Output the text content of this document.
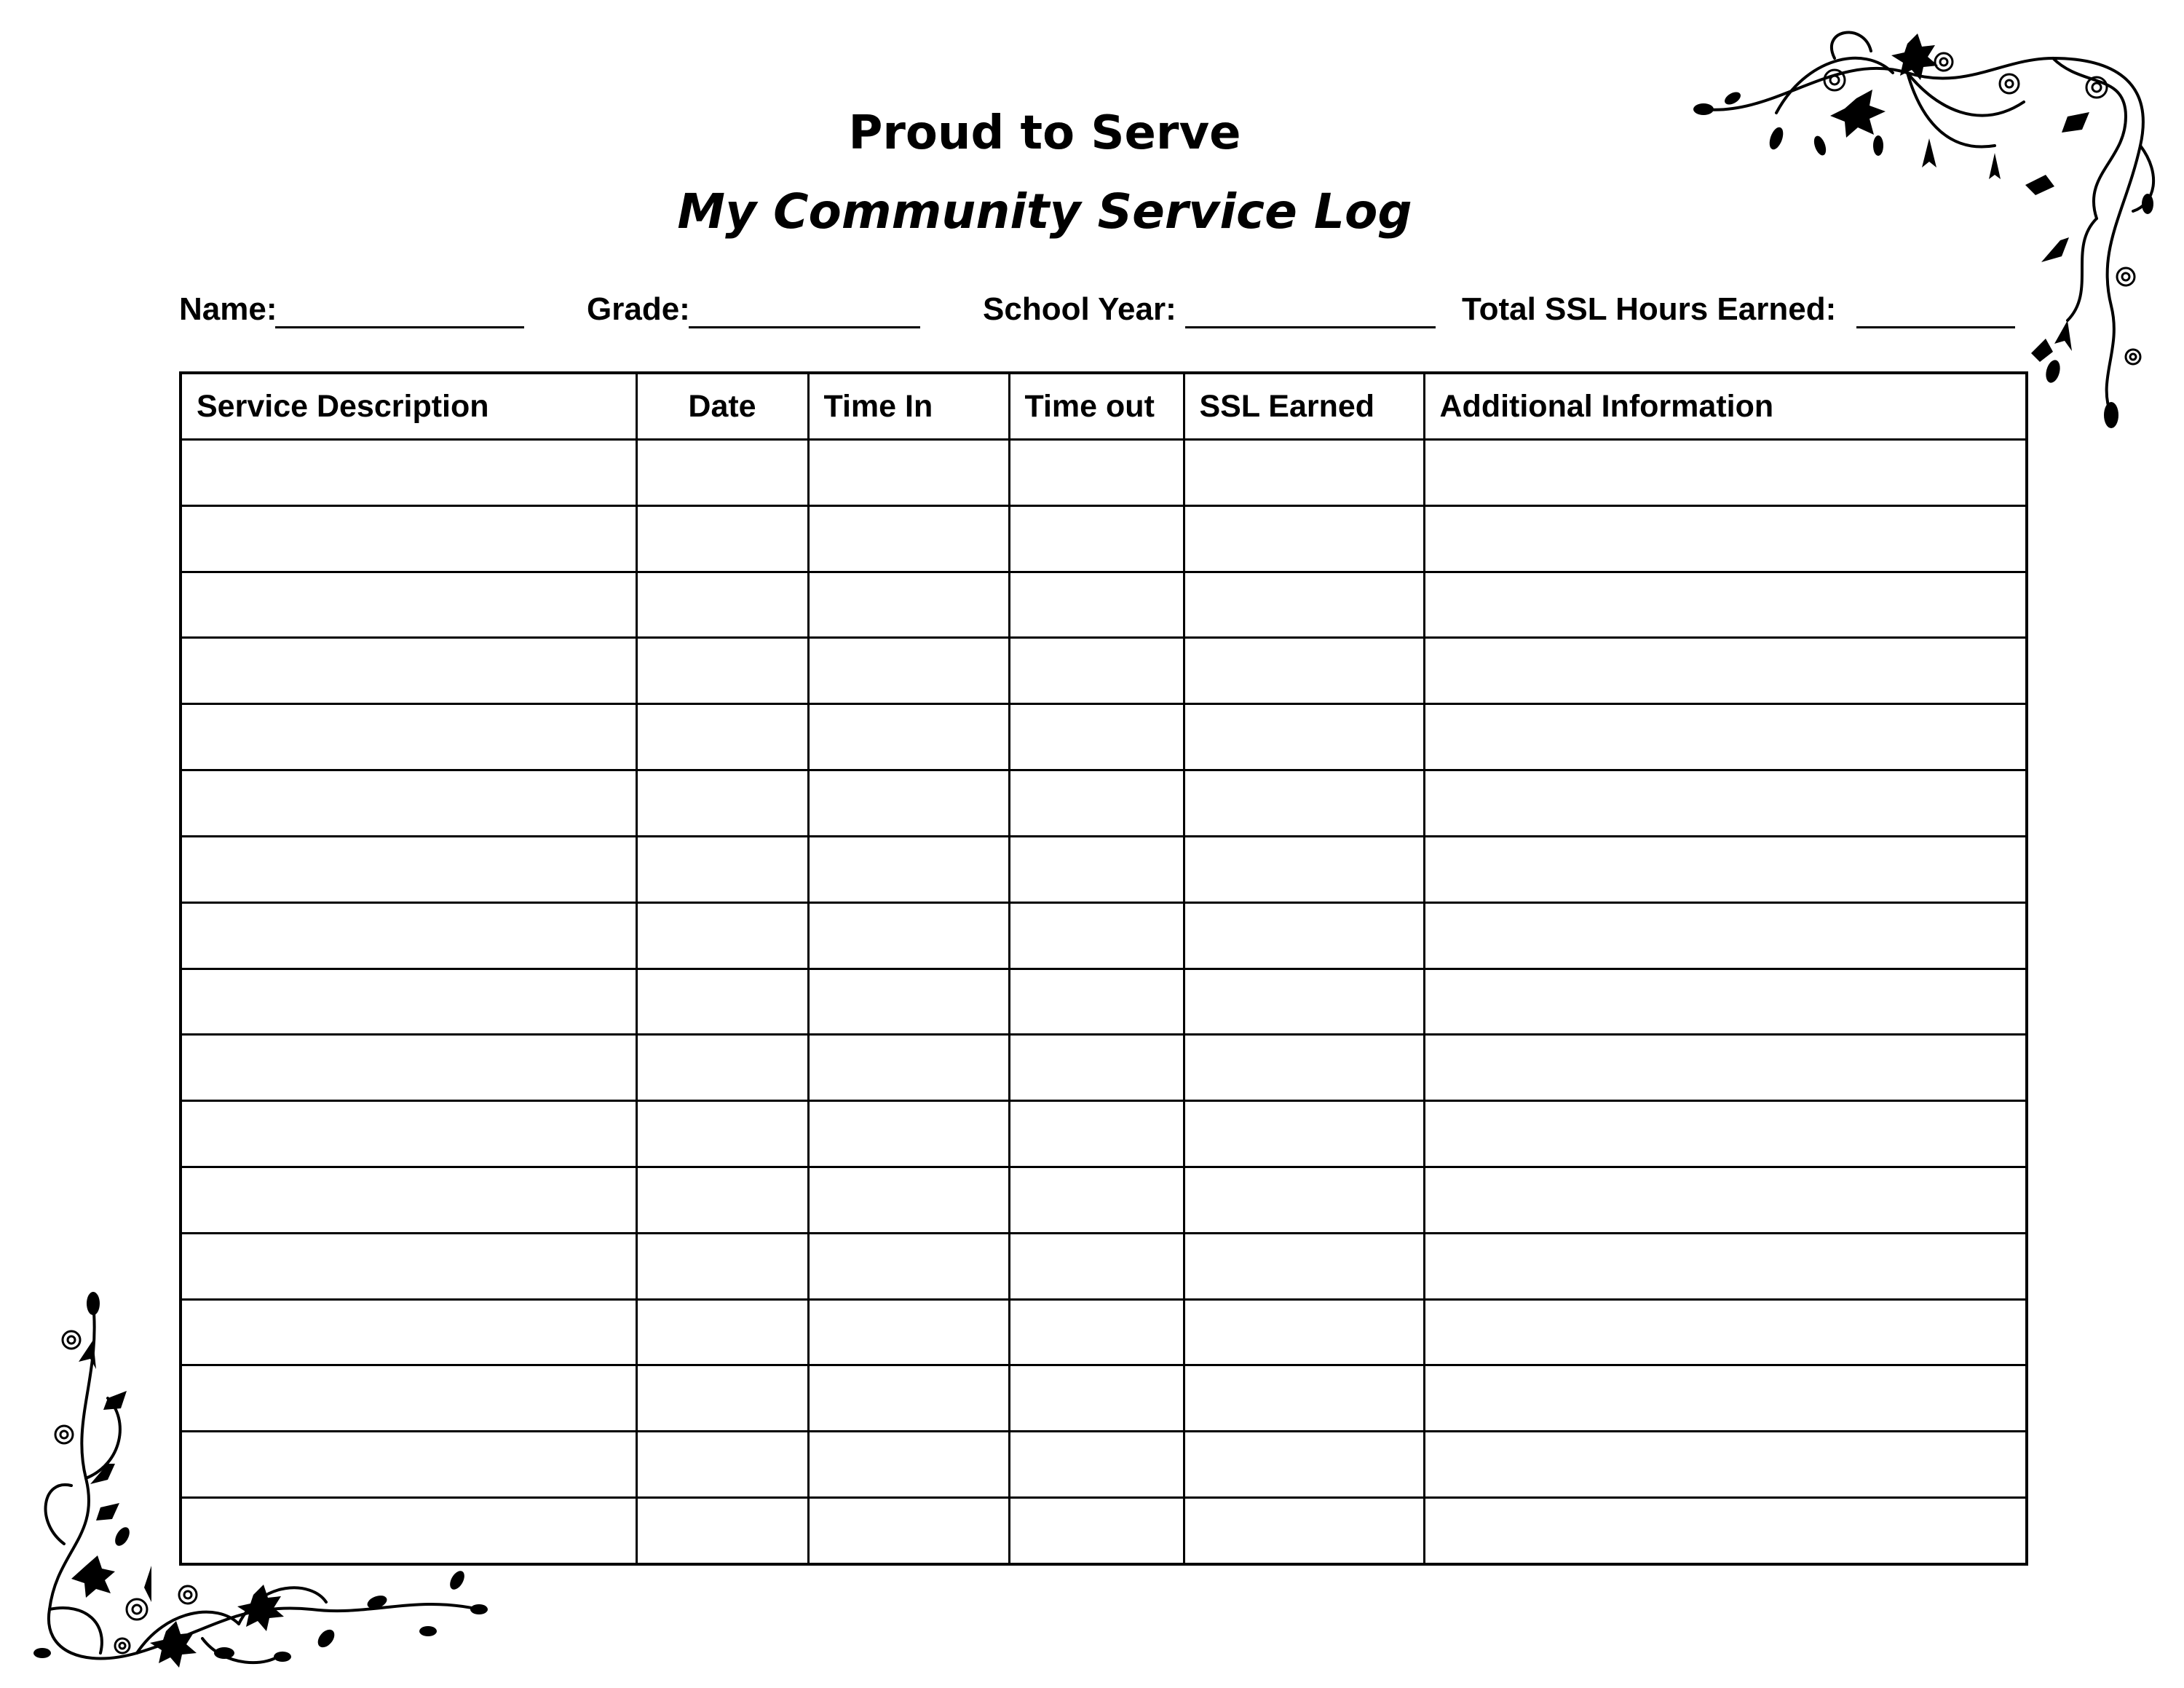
Proud to Serve
My Community Service Log
Name:	Grade:	School Year:	Total SSL Hours Earned:
Service Description	Date	Time In	Time out	SSL Earned	Additional Information
